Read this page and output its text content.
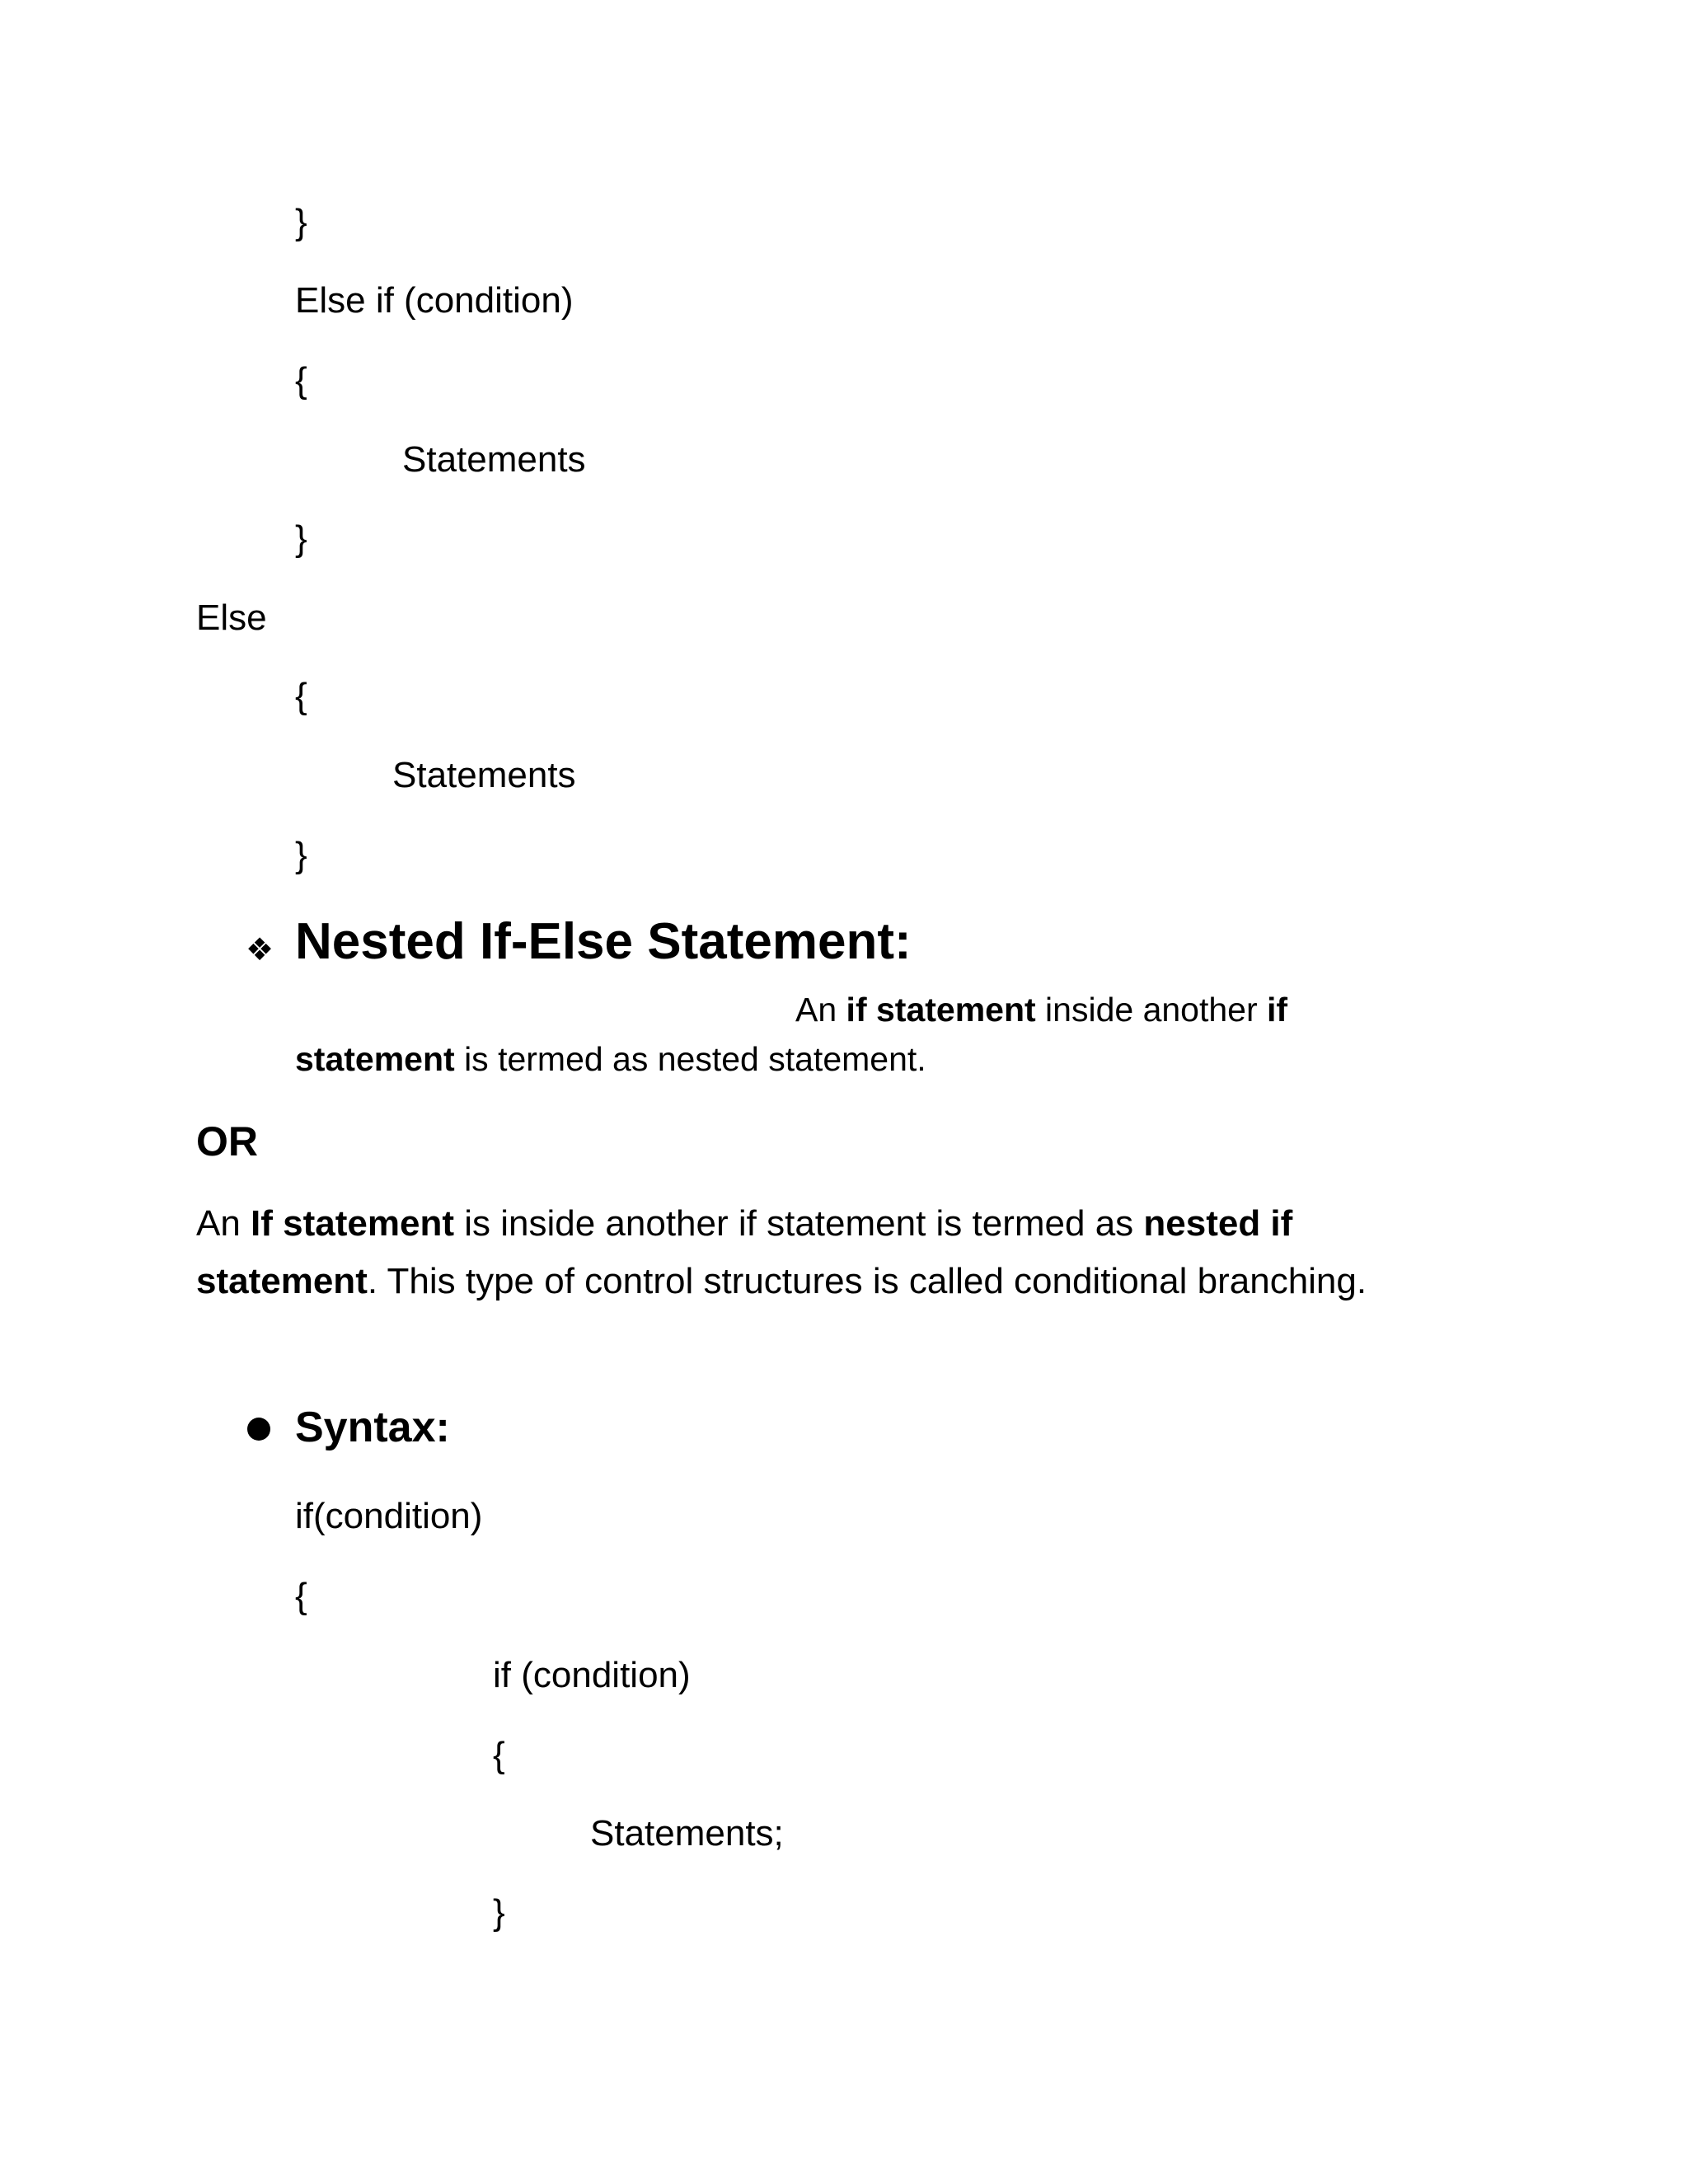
}
Else if (condition)
{
Statements
}
Else
{
Statements
}
❖ Nested If-Else Statement:
An if statement inside another if
statement is termed as nested statement.
OR
An If statement is inside another if statement is termed as nested if statement. This type of control structures is called conditional branching.
Syntax:
if(condition)
{
if (condition)
{
Statements;
}
